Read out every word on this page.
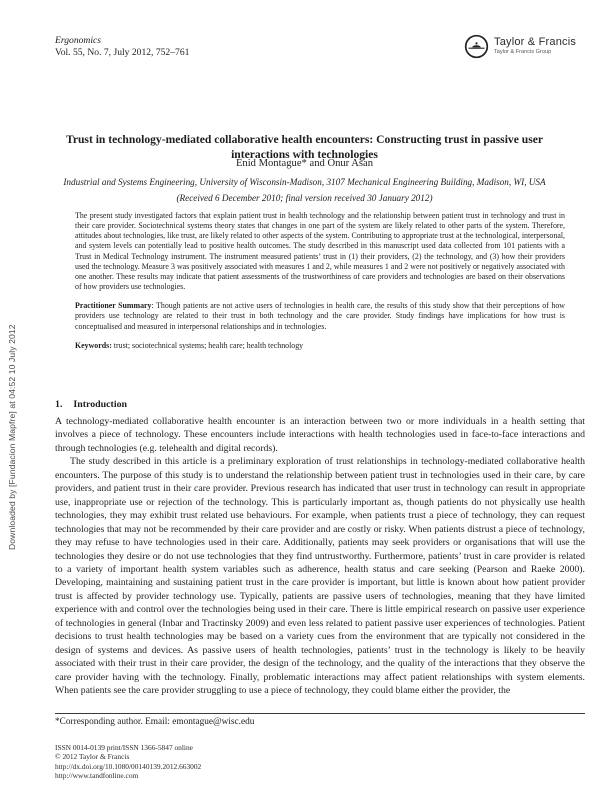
Downloaded by [Fundacion Mapfre] at 04:52 10 July 2012
Ergonomics
Vol. 55, No. 7, July 2012, 752–761
Taylor & Francis
Taylor & Francis Group
Trust in technology-mediated collaborative health encounters: Constructing trust in passive user interactions with technologies
Enid Montague* and Onur Asan
Industrial and Systems Engineering, University of Wisconsin-Madison, 3107 Mechanical Engineering Building, Madison, WI, USA
(Received 6 December 2010; final version received 30 January 2012)

The present study investigated factors that explain patient trust in health technology and the relationship between patient trust in technology and trust in their care provider. Sociotechnical systems theory states that changes in one part of the system are likely related to other parts of the system. Therefore, attitudes about technologies, like trust, are likely related to other aspects of the system. Contributing to appropriate trust at the technological, interpersonal, and system levels can potentially lead to positive health outcomes. The study described in this manuscript used data collected from 101 patients with a Trust in Medical Technology instrument. The instrument measured patients’ trust in (1) their providers, (2) the technology, and (3) how their providers used the technology. Measure 3 was positively associated with measures 1 and 2, while measures 1 and 2 were not positively or negatively associated with one another. These results may indicate that patient assessments of the trustworthiness of care providers and technologies are based on their observations of how providers use technologies.

Practitioner Summary: Though patients are not active users of technologies in health care, the results of this study show that their perceptions of how providers use technology are related to their trust in both technology and the care provider. Study findings have implications for how trust is conceptualised and measured in interpersonal relationships and in technologies.

Keywords: trust; sociotechnical systems; health care; health technology

1. Introduction

A technology-mediated collaborative health encounter is an interaction between two or more individuals in a health setting that involves a piece of technology. These encounters include interactions with health technologies used in face-to-face interactions and through technologies (e.g. telehealth and digital records).

The study described in this article is a preliminary exploration of trust relationships in technology-mediated collaborative health encounters. The purpose of this study is to understand the relationship between patient trust in technologies used in their care, by care providers, and patient trust in their care provider. Previous research has indicated that user trust in technology can result in appropriate use, inappropriate use or rejection of the technology. This is particularly important as, though patients do not physically use health technologies, they may exhibit trust related use behaviours. For example, when patients trust a piece of technology, they can request technologies that may not be recommended by their care provider and are costly or risky. When patients distrust a piece of technology, they may refuse to have technologies used in their care. Additionally, patients may seek providers or organisations that will use the technologies they desire or do not use technologies that they find untrustworthy. Furthermore, patients’ trust in care provider is related to a variety of important health system variables such as adherence, health status and care seeking (Pearson and Raeke 2000). Developing, maintaining and sustaining patient trust in the care provider is important, but little is known about how patient provider trust is affected by provider technology use. Typically, patients are passive users of technologies, meaning that they have limited experience with and control over the technologies being used in their care. There is little empirical research on passive user experience of technologies in general (Inbar and Tractinsky 2009) and even less related to patient passive user experiences of technologies. Patient decisions to trust health technologies may be based on a variety cues from the environment that are typically not considered in the design of systems and devices. As passive users of health technologies, patients’ trust in the technology is likely to be heavily associated with their trust in their care provider, the design of the technology, and the quality of the interactions that they observe the care provider having with the technology. Finally, problematic interactions may affect patient relationships with system elements. When patients see the care provider struggling to use a piece of technology, they could blame either the provider, the

*Corresponding author. Email: emontague@wisc.edu
ISSN 0014-0139 print/ISSN 1366-5847 online
© 2012 Taylor & Francis
http://dx.doi.org/10.1080/00140139.2012.663002
http://www.tandfonline.com
